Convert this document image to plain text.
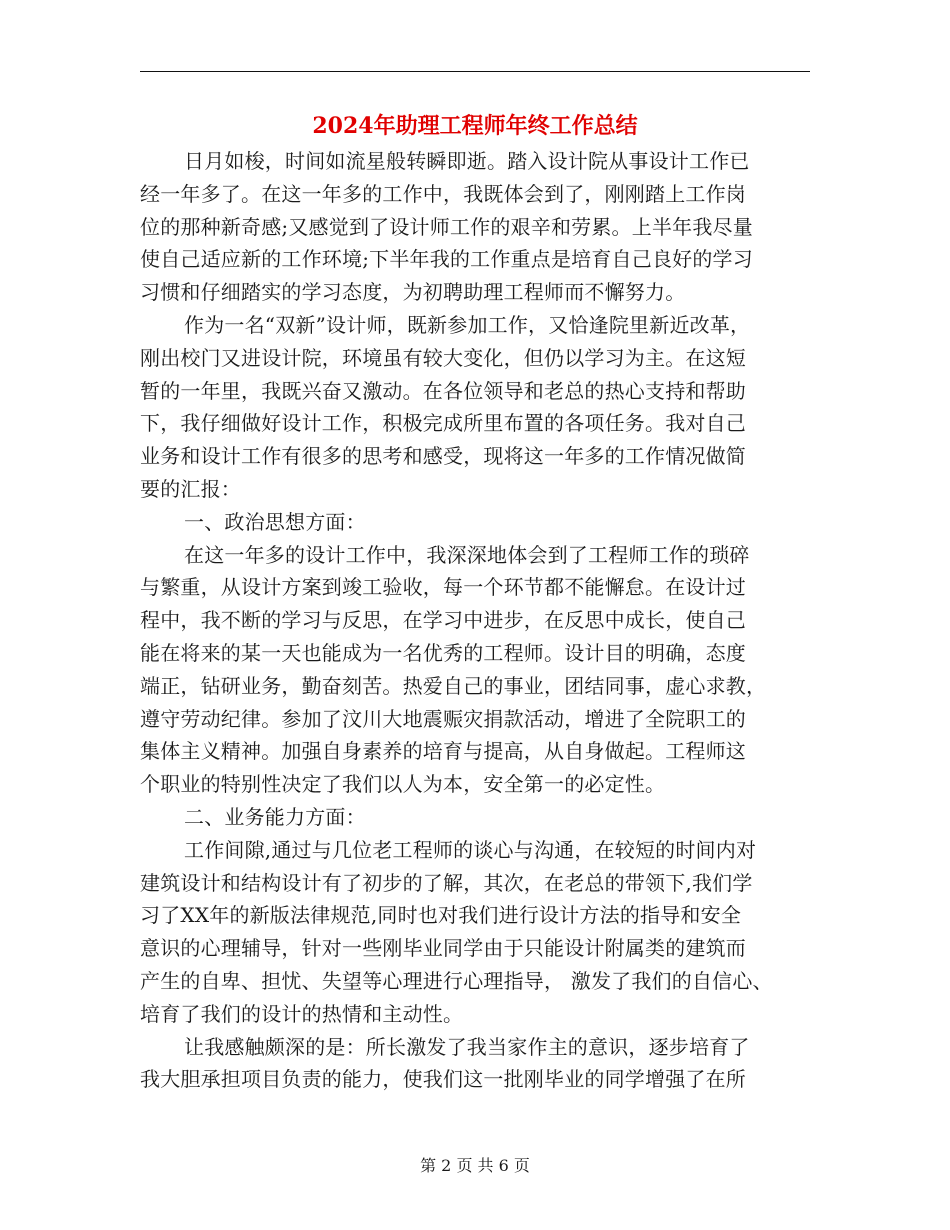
2024年助理工程师年终工作总结
日月如梭，时间如流星般转瞬即逝。踏入设计院从事设计工作已
经一年多了。在这一年多的工作中，我既体会到了，刚刚踏上工作岗
位的那种新奇感;又感觉到了设计师工作的艰辛和劳累。上半年我尽量
使自己适应新的工作环境;下半年我的工作重点是培育自己良好的学习
习惯和仔细踏实的学习态度，为初聘助理工程师而不懈努力。
作为一名“双新”设计师，既新参加工作，又恰逢院里新近改革，
刚出校门又进设计院，环境虽有较大变化，但仍以学习为主。在这短
暂的一年里，我既兴奋又激动。在各位领导和老总的热心支持和帮助
下，我仔细做好设计工作，积极完成所里布置的各项任务。我对自己
业务和设计工作有很多的思考和感受，现将这一年多的工作情况做简
要的汇报：
一、政治思想方面：
在这一年多的设计工作中，我深深地体会到了工程师工作的琐碎
与繁重，从设计方案到竣工验收，每一个环节都不能懈怠。在设计过
程中，我不断的学习与反思，在学习中进步，在反思中成长，使自己
能在将来的某一天也能成为一名优秀的工程师。设计目的明确，态度
端正，钻研业务，勤奋刻苦。热爱自己的事业，团结同事，虚心求教，
遵守劳动纪律。参加了汶川大地震赈灾捐款活动，增进了全院职工的
集体主义精神。加强自身素养的培育与提高，从自身做起。工程师这
个职业的特别性决定了我们以人为本，安全第一的必定性。
二、业务能力方面：
工作间隙,通过与几位老工程师的谈心与沟通，在较短的时间内对
建筑设计和结构设计有了初步的了解，其次，在老总的带领下,我们学
习了XX年的新版法律规范,同时也对我们进行设计方法的指导和安全
意识的心理辅导，针对一些刚毕业同学由于只能设计附属类的建筑而
产生的自卑、担忧、失望等心理进行心理指导， 激发了我们的自信心、
培育了我们的设计的热情和主动性。
让我感触颇深的是：所长激发了我当家作主的意识，逐步培育了
我大胆承担项目负责的能力，使我们这一批刚毕业的同学增强了在所
第 2 页 共 6 页
